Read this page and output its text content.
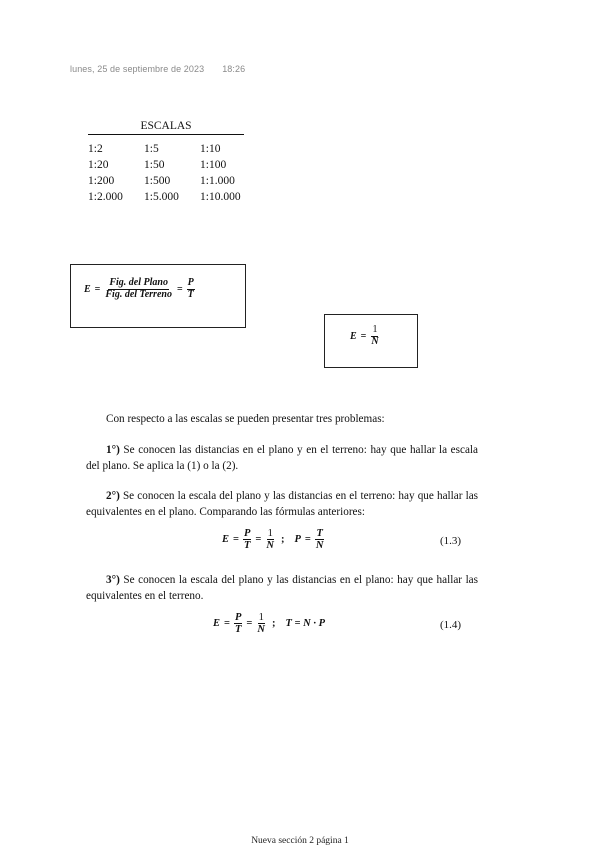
lunes, 25 de septiembre de 2023 18:26
ESCALAS
1:2	1:5	1:10
1:20	1:50	1:100
1:200	1:500	1:1.000
1:2.000	1:5.000	1:10.000
$E = \frac{\text{Fig. del Plano}}{\text{Fig. del Terreno}} = \frac{P}{T}$
$E = \frac{1}{N}$
Con respecto a las escalas se pueden presentar tres problemas:
1°) Se conocen las distancias en el plano y en el terreno: hay que hallar la escala del plano. Se aplica la (1) o la (2).
2°) Se conocen la escala del plano y las distancias en el terreno: hay que hallar las equivalentes en el plano. Comparando las fórmulas anteriores:
$E = \frac{P}{T} = \frac{1}{N}$ ; $P = \frac{T}{N}$	(1.3)
3°) Se conocen la escala del plano y las distancias en el plano: hay que hallar las equivalentes en el terreno.
$E = \frac{P}{T} = \frac{1}{N}$ ; T = N · P	(1.4)
Nueva sección 2 página 1
